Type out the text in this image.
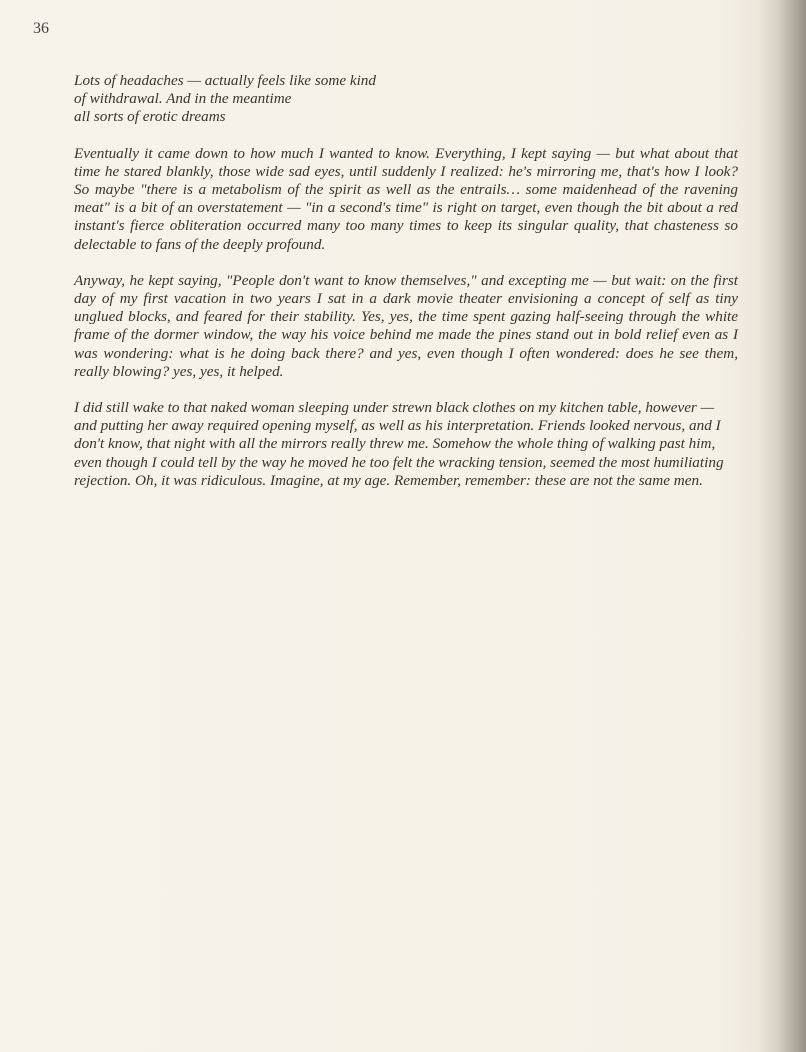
36
Lots of headaches — actually feels like some kind
of withdrawal. And in the meantime
all sorts of erotic dreams

Eventually it came down to how much I wanted to know. Everything, I kept saying — but what about that time he stared blankly, those wide sad eyes, until suddenly I realized: he's mirroring me, that's how I look? So maybe "there is a metabolism of the spirit as well as the entrails… some maidenhead of the ravening meat" is a bit of an overstatement — "in a second's time" is right on target, even though the bit about a red instant's fierce obliteration occurred many too many times to keep its singular quality, that chasteness so delectable to fans of the deeply profound.

Anyway, he kept saying, "People don't want to know themselves," and excepting me — but wait: on the first day of my first vacation in two years I sat in a dark movie theater envisioning a concept of self as tiny unglued blocks, and feared for their stability. Yes, yes, the time spent gazing half-seeing through the white frame of the dormer window, the way his voice behind me made the pines stand out in bold relief even as I was wondering: what is he doing back there? and yes, even though I often wondered: does he see them, really blowing? yes, yes, it helped.

I did still wake to that naked woman sleeping under strewn black clothes on my kitchen table, however — and putting her away required opening myself, as well as his interpretation. Friends looked nervous, and I don't know, that night with all the mirrors really threw me. Somehow the whole thing of walking past him, even though I could tell by the way he moved he too felt the wracking tension, seemed the most humiliating rejection. Oh, it was ridiculous. Imagine, at my age. Remember, remember: these are not the same men.
